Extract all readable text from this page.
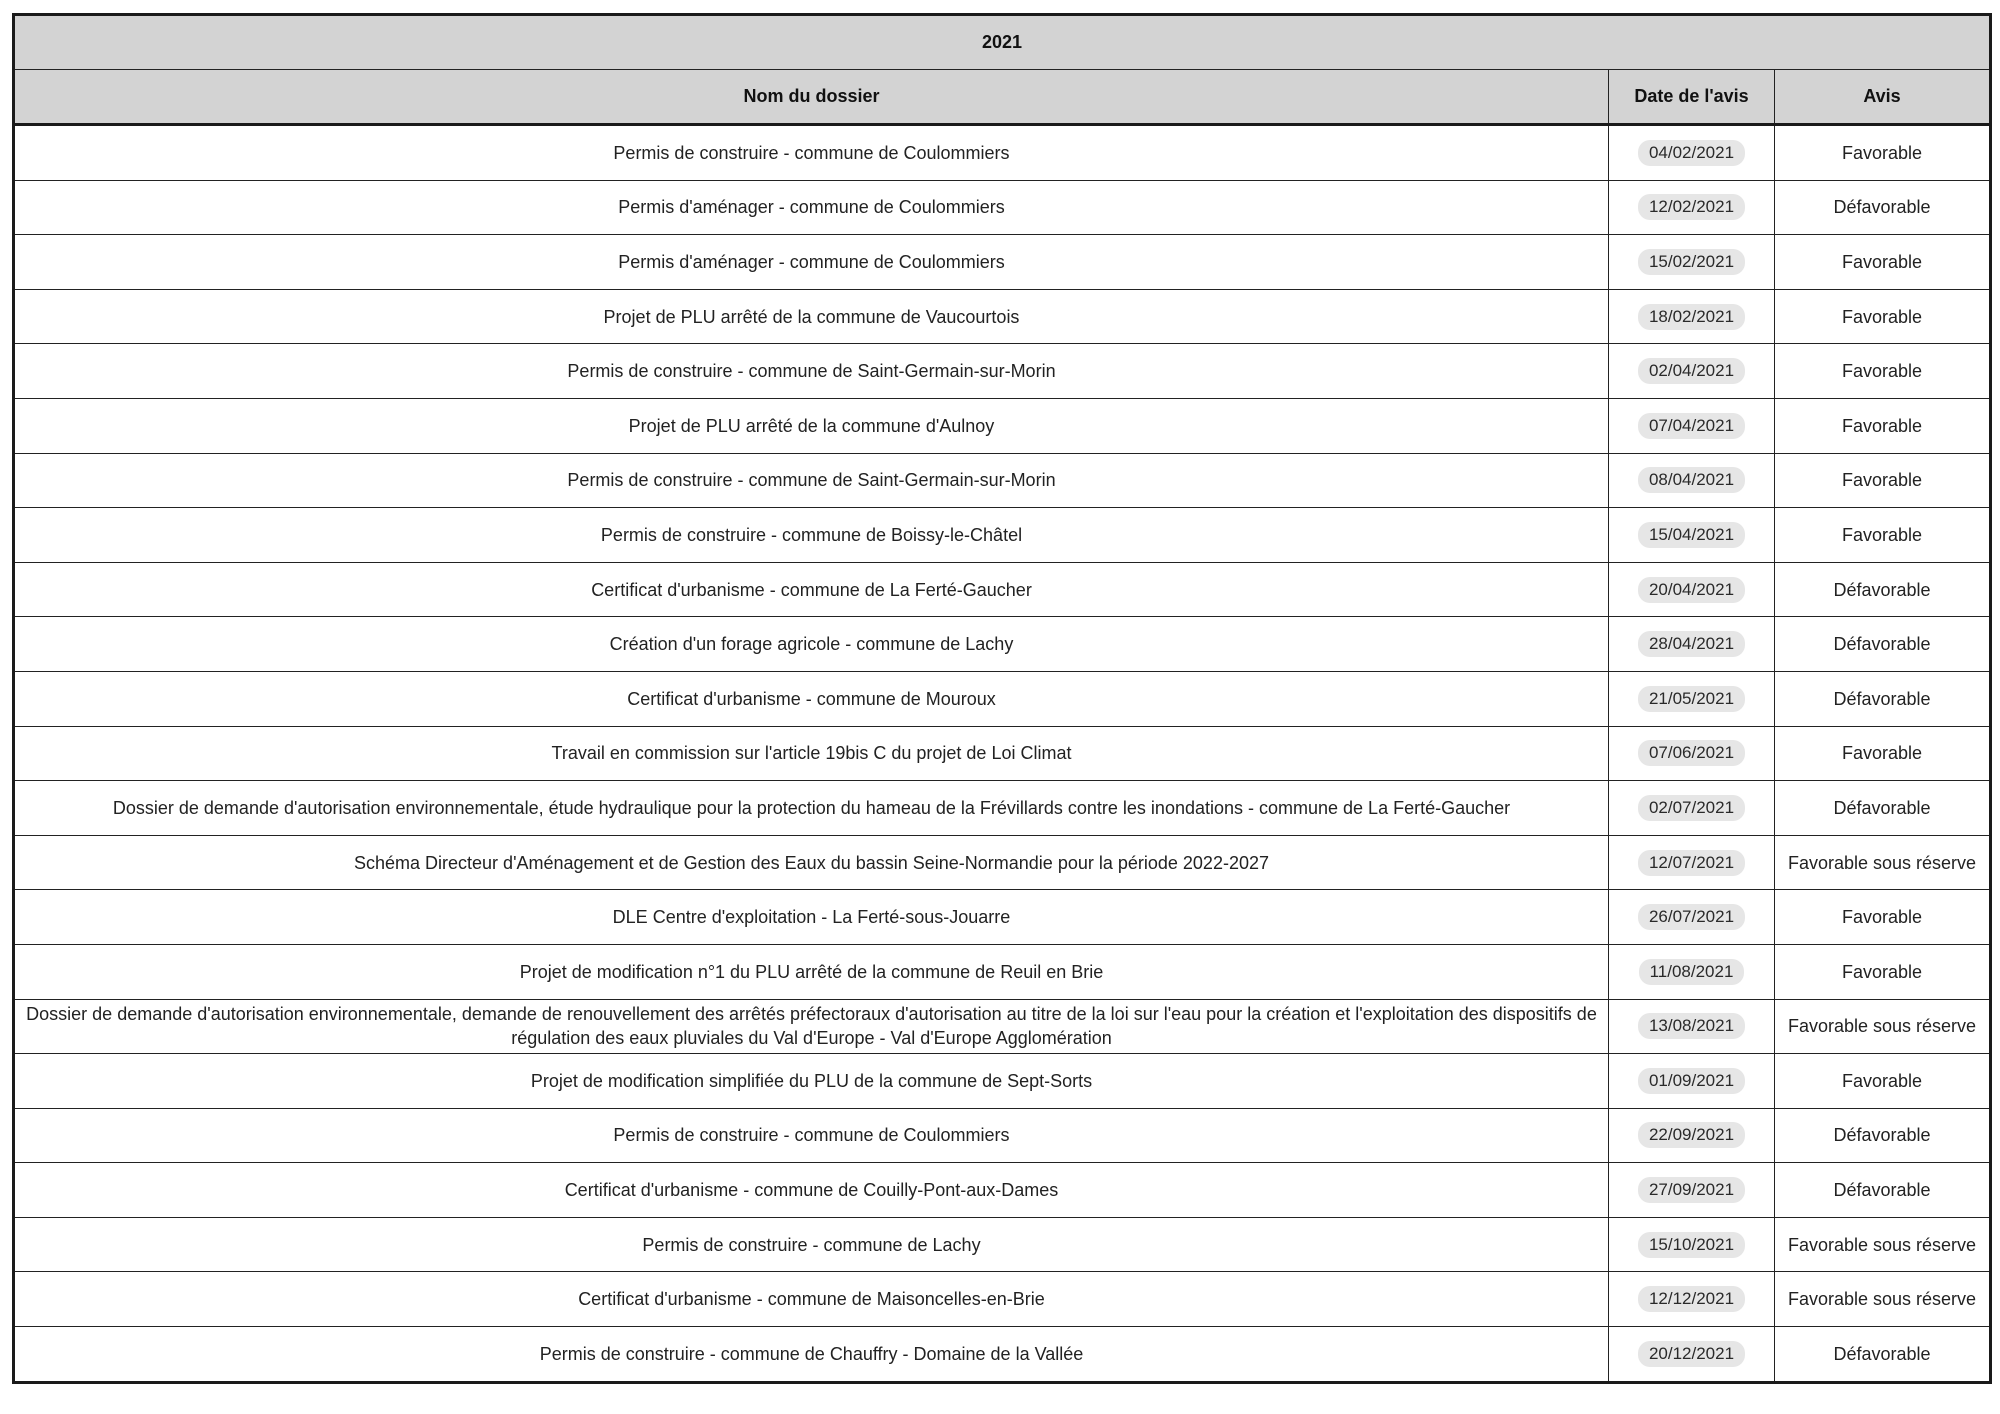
2021		
Nom du dossier	Date de l'avis	Avis
Permis de construire - commune de Coulommiers	04/02/2021	Favorable
Permis d'aménager - commune de Coulommiers	12/02/2021	Défavorable
Permis d'aménager - commune de Coulommiers	15/02/2021	Favorable
Projet de PLU arrêté de la commune de Vaucourtois	18/02/2021	Favorable
Permis de construire - commune de Saint-Germain-sur-Morin	02/04/2021	Favorable
Projet de PLU arrêté de la commune d'Aulnoy	07/04/2021	Favorable
Permis de construire - commune de Saint-Germain-sur-Morin	08/04/2021	Favorable
Permis de construire - commune de Boissy-le-Châtel	15/04/2021	Favorable
Certificat d'urbanisme - commune de La Ferté-Gaucher	20/04/2021	Défavorable
Création d'un forage agricole - commune de Lachy	28/04/2021	Défavorable
Certificat d'urbanisme - commune de Mouroux	21/05/2021	Défavorable
Travail en commission sur l'article 19bis C du projet de Loi Climat	07/06/2021	Favorable
Dossier de demande d'autorisation environnementale, étude hydraulique pour la protection du hameau de la Frévillards contre les inondations - commune de La Ferté-Gaucher	02/07/2021	Défavorable
Schéma Directeur d'Aménagement et de Gestion des Eaux du bassin Seine-Normandie pour la période 2022-2027	12/07/2021	Favorable sous réserve
DLE Centre d'exploitation - La Ferté-sous-Jouarre	26/07/2021	Favorable
Projet de modification n°1 du PLU arrêté de la commune de Reuil en Brie	11/08/2021	Favorable
Dossier de demande d'autorisation environnementale, demande de renouvellement des arrêtés préfectoraux d'autorisation au titre de la loi sur l'eau pour la création et l'exploitation des dispositifs de régulation des eaux pluviales du Val d'Europe - Val d'Europe Agglomération	13/08/2021	Favorable sous réserve
Projet de modification simplifiée du PLU de la commune de Sept-Sorts	01/09/2021	Favorable
Permis de construire - commune de Coulommiers	22/09/2021	Défavorable
Certificat d'urbanisme - commune de Couilly-Pont-aux-Dames	27/09/2021	Défavorable
Permis de construire - commune de Lachy	15/10/2021	Favorable sous réserve
Certificat d'urbanisme - commune de Maisoncelles-en-Brie	12/12/2021	Favorable sous réserve
Permis de construire - commune de Chauffry - Domaine de la Vallée	20/12/2021	Défavorable
